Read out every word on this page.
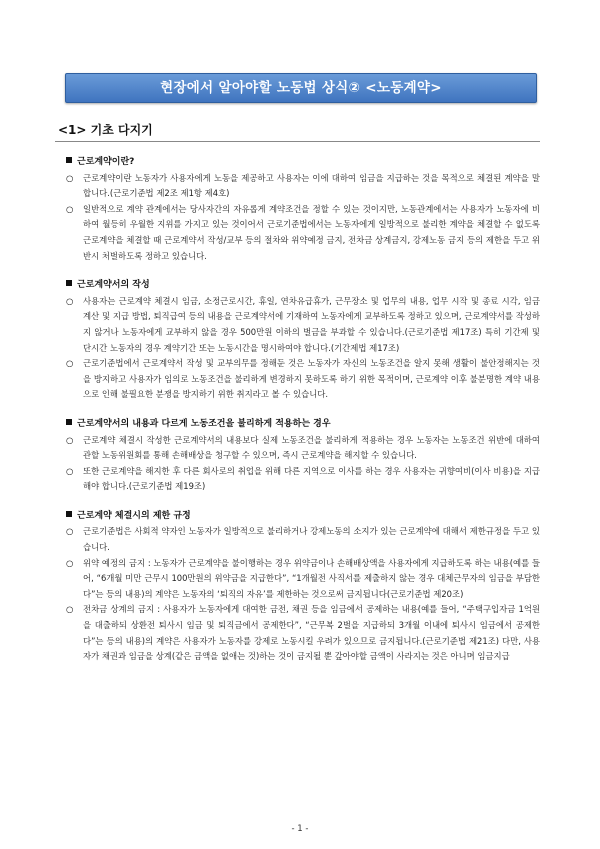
현장에서 알아야할 노동법 상식② <노동계약>
<1> 기초 다지기
근로계약이란?
○ 근로계약이란 노동자가 사용자에게 노동을 제공하고 사용자는 이에 대하여 임금을 지급하는 것을 목적으로 체결된 계약을 말합니다.(근로기준법 제2조 제1항 제4호)
○ 일반적으로 계약 관계에서는 당사자간의 자유롭게 계약조건을 정할 수 있는 것이지만, 노동관계에서는 사용자가 노동자에 비하여 월등히 우월한 지위를 가지고 있는 것이어서 근로기준법에서는 노동자에게 일방적으로 불리한 계약을 체결할 수 없도록 근로계약을 체결할 때 근로계약서 작성/교부 등의 절차와 위약예정 금지, 전차금 상계금지, 강제노동 금지 등의 제한을 두고 위반시 처벌하도록 정하고 있습니다.
근로계약서의 작성
○ 사용자는 근로계약 체결시 임금, 소정근로시간, 휴일, 연차유급휴가, 근무장소 및 업무의 내용, 업무 시작 및 종료 시각, 임금 계산 및 지급 방법, 퇴직급여 등의 내용을 근로계약서에 기재하여 노동자에게 교부하도록 정하고 있으며, 근로계약서를 작성하지 않거나 노동자에게 교부하지 않을 경우 500만원 이하의 벌금을 부과할 수 있습니다.(근로기준법 제17조) 특히 기간제 및 단시간 노동자의 경우 계약기간 또는 노동시간을 명시하여야 합니다.(기간제법 제17조)
○ 근로기준법에서 근로계약서 작성 및 교부의무를 정해둔 것은 노동자가 자신의 노동조건을 알지 못해 생활이 불안정해지는 것을 방지하고 사용자가 임의로 노동조건을 불리하게 변경하지 못하도록 하기 위한 목적이며, 근로계약 이후 불분명한 계약 내용으로 인해 불필요한 분쟁을 방지하기 위한 취지라고 볼 수 있습니다.
근로계약서의 내용과 다르게 노동조건을 불리하게 적용하는 경우
○ 근로계약 체결시 작성한 근로계약서의 내용보다 실제 노동조건을 불리하게 적용하는 경우 노동자는 노동조건 위반에 대하여 관할 노동위원회를 통해 손해배상을 청구할 수 있으며, 즉시 근로계약을 해지할 수 있습니다.
○ 또한 근로계약을 해지한 후 다른 회사로의 취업을 위해 다른 지역으로 이사를 하는 경우 사용자는 귀향여비(이사 비용)을 지급해야 합니다.(근로기준법 제19조)
근로계약 체결시의 제한 규정
○ 근로기준법은 사회적 약자인 노동자가 일방적으로 불리하거나 강제노동의 소지가 있는 근로계약에 대해서 제한규정을 두고 있습니다.
○ 위약 예정의 금지 : 노동자가 근로계약을 불이행하는 경우 위약금이나 손해배상액을 사용자에게 지급하도록 하는 내용(예를 들어, “6개월 미만 근무시 100만원의 위약금을 지급한다”, “1개월전 사직서를 제출하지 않는 경우 대체근무자의 임금을 부담한다”는 등의 내용)의 계약은 노동자의 ‘퇴직의 자유’를 제한하는 것으로써 금지됩니다(근로기준법 제20조)
○ 전차금 상계의 금지 : 사용자가 노동자에게 대여한 금전, 채권 등을 임금에서 공제하는 내용(예를 들어, “주택구입자금 1억원을 대출하되 상환전 퇴사시 임금 및 퇴직금에서 공제한다”, “근무복 2벌을 지급하되 3개월 이내에 퇴사시 임금에서 공제한다”는 등의 내용)의 계약은 사용자가 노동자를 강제로 노동시킬 우려가 있으므로 금지됩니다.(근로기준법 제21조) 다만, 사용자가 채권과 임금을 상계(같은 금액을 없애는 것)하는 것이 금지될 뿐 갚아야할 금액이 사라지는 것은 아니며 임금지급
- 1 -
